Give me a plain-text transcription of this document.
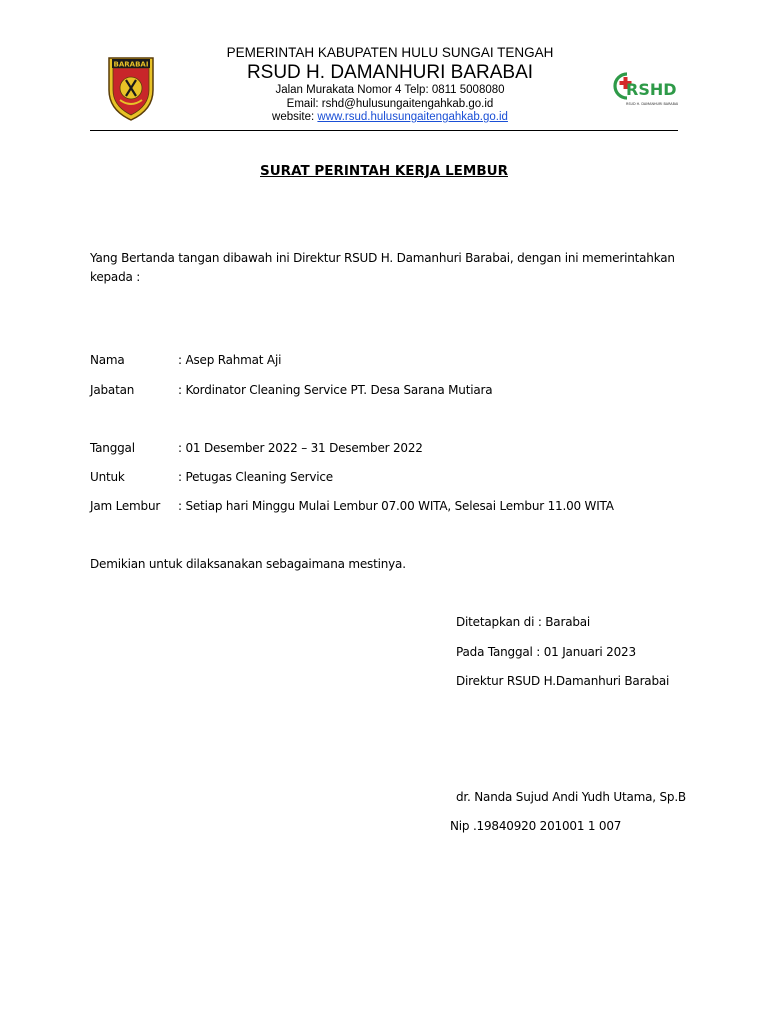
BARABAI
RSHD
RSUD H. DAMANHURI BARABAI
PEMERINTAH KABUPATEN HULU SUNGAI TENGAH
RSUD H. DAMANHURI BARABAI
Jalan Murakata Nomor 4 Telp: 0811 5008080
Email: rshd@hulusungaitengahkab.go.id
website: www.rsud.hulusungaitengahkab.go.id
SURAT PERINTAH KERJA LEMBUR
Yang Bertanda tangan dibawah ini Direktur RSUD H. Damanhuri Barabai, dengan ini memerintahkan kepada :
Nama	: Asep Rahmat Aji
Jabatan	: Kordinator Cleaning Service PT. Desa Sarana Mutiara
Tanggal	: 01 Desember 2022 – 31 Desember 2022
Untuk	: Petugas Cleaning Service
Jam Lembur : Setiap hari Minggu Mulai Lembur 07.00 WITA, Selesai Lembur 11.00 WITA
Demikian untuk dilaksanakan sebagaimana mestinya.
Ditetapkan di : Barabai
Pada Tanggal : 01 Januari 2023
Direktur RSUD H.Damanhuri Barabai
dr. Nanda Sujud Andi Yudh Utama, Sp.B
Nip .19840920 201001 1 007
